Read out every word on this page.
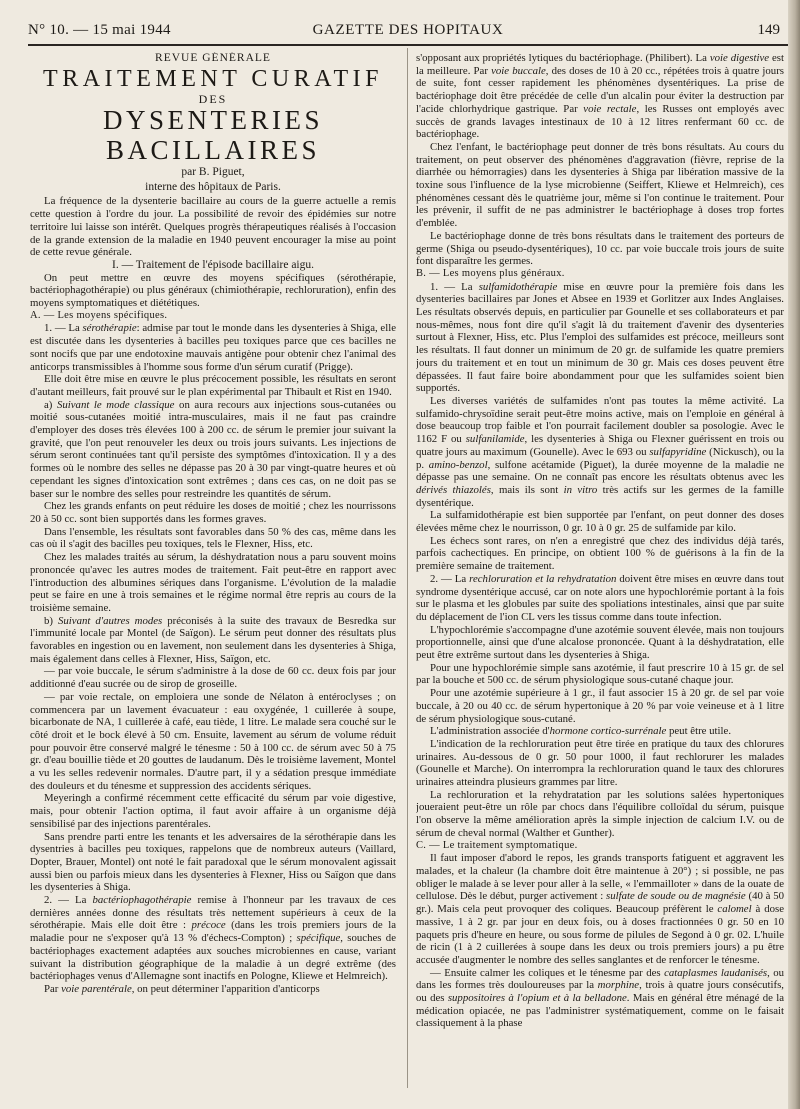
N° 10. — 15 mai 1944	GAZETTE DES HOPITAUX	149

REVUE GÉNÉRALE

TRAITEMENT CURATIF

DES

DYSENTERIES BACILLAIRES

par B. Piguet,

interne des hôpitaux de Paris.

La fréquence de la dysenterie bacillaire au cours de la guerre actuelle a remis cette question à l'ordre du jour. La possibilité de revoir des épidémies sur notre territoire lui laisse son intérêt. Quelques progrès thérapeutiques réalisés à l'occasion de la grande extension de la maladie en 1940 peuvent encourager la mise au point de cette revue générale.

I. — Traitement de l'épisode bacillaire aigu.

On peut mettre en œuvre des moyens spécifiques (sérothérapie, bactériophagothérapie) ou plus généraux (chimiothérapie, rechloruration), enfin des moyens symptomatiques et diététiques.

A. — Les moyens spécifiques.

1. — La sérothérapie: admise par tout le monde dans les dysenteries à Shiga, elle est discutée dans les dysenteries à bacilles peu toxiques parce que ces bacilles ne sont nocifs que par une endotoxine mauvais antigène pour obtenir chez l'animal des anticorps transmissibles à l'homme sous forme d'un sérum curatif (Prigge).

Elle doit être mise en œuvre le plus précocement possible, les résultats en seront d'autant meilleurs, fait prouvé sur le plan expérimental par Thibault et Rist en 1940.

a) Suivant le mode classique on aura recours aux injections sous-cutanées ou moitié sous-cutanées moitié intra-musculaires, mais il ne faut pas craindre d'employer des doses très élevées 100 à 200 cc. de sérum le premier jour suivant la gravité, que l'on peut renouveler les deux ou trois jours suivants. Les injections de sérum seront continuées tant qu'il persiste des symptômes d'intoxication. Il y a des formes où le nombre des selles ne dépasse pas 20 à 30 par vingt-quatre heures et où cependant les signes d'intoxication sont extrêmes ; dans ces cas, on ne doit pas se baser sur le nombre des selles pour restreindre les quantités de sérum.

Chez les grands enfants on peut réduire les doses de moitié ; chez les nourrissons 20 à 50 cc. sont bien supportés dans les formes graves.

Dans l'ensemble, les résultats sont favorables dans 50 % des cas, même dans les cas où il s'agit des bacilles peu toxiques, tels le Flexner, Hiss, etc.

Chez les malades traités au sérum, la déshydratation nous a paru souvent moins prononcée qu'avec les autres modes de traitement. Fait peut-être en rapport avec l'introduction des albumines sériques dans l'organisme. L'évolution de la maladie peut se faire en une à trois semaines et le régime normal être repris au cours de la troisième semaine.

b) Suivant d'autres modes préconisés à la suite des travaux de Besredka sur l'immunité locale par Montel (de Saïgon). Le sérum peut donner des résultats plus favorables en ingestion ou en lavement, non seulement dans les dysenteries à Shiga, mais également dans celles à Flexner, Hiss, Saïgon, etc.

— par voie buccale, le sérum s'administre à la dose de 60 cc. deux fois par jour additionné d'eau sucrée ou de sirop de groseille.

— par voie rectale, on emploiera une sonde de Nélaton à entéroclyses ; on commencera par un lavement évacuateur : eau oxygénée, 1 cuillerée à soupe, bicarbonate de NA, 1 cuillerée à café, eau tiède, 1 litre. Le malade sera couché sur le côté droit et le bock élevé à 50 cm. Ensuite, lavement au sérum de volume réduit pour pouvoir être conservé malgré le ténesme : 50 à 100 cc. de sérum avec 50 à 75 gr. d'eau bouillie tiède et 20 gouttes de laudanum. Dès le troisième lavement, Montel a vu les selles redevenir normales. D'autre part, il y a sédation presque immédiate des douleurs et du ténesme et suppression des accidents sériques.

Meyeringh a confirmé récemment cette efficacité du sérum par voie digestive, mais, pour obtenir l'action optima, il faut avoir affaire à un organisme déjà sensibilisé par des injections parentérales.

Sans prendre parti entre les tenants et les adversaires de la sérothérapie dans les dysentries à bacilles peu toxiques, rappelons que de nombreux auteurs (Vaillard, Dopter, Brauer, Montel) ont noté le fait paradoxal que le sérum monovalent agissait aussi bien ou parfois mieux dans les dysenteries à Flexner, Hiss ou Saïgon que dans les dysenteries à Shiga.

2. — La bactériophagothérapie remise à l'honneur par les travaux de ces dernières années donne des résultats très nettement supérieurs à ceux de la sérothérapie. Mais elle doit être : précoce (dans les trois premiers jours de la maladie pour ne s'exposer qu'à 13 % d'échecs-Compton) ; spécifique, souches de bactériophages exactement adaptées aux souches microbiennes en cause, variant suivant la distribution géographique de la maladie à un degré extrême (des bactériophages venus d'Allemagne sont inactifs en Pologne, Kliewe et Helmreich).

Par voie parentérale, on peut déterminer l'apparition d'anticorps

s'opposant aux propriétés lytiques du bactériophage. (Philibert). La voie digestive est la meilleure. Par voie buccale, des doses de 10 à 20 cc., répétées trois à quatre jours de suite, font cesser rapidement les phénomènes dysentériques. La prise de bactériophage doit être précédée de celle d'un alcalin pour éviter la destruction par l'acide chlorhydrique gastrique. Par voie rectale, les Russes ont employés avec succès de grands lavages intestinaux de 10 à 12 litres renfermant 60 cc. de bactériophage.

Chez l'enfant, le bactériophage peut donner de très bons résultats. Au cours du traitement, on peut observer des phénomènes d'aggravation (fièvre, reprise de la diarrhée ou hémorragies) dans les dysenteries à Shiga par libération massive de la toxine sous l'influence de la lyse microbienne (Seiffert, Kliewe et Helmreich), ces phénomènes cessant dès le quatrième jour, même si l'on continue le traitement. Pour les prévenir, il suffit de ne pas administrer le bactériophage à doses trop fortes d'emblée.

Le bactériophage donne de très bons résultats dans le traitement des porteurs de germe (Shiga ou pseudo-dysentériques), 10 cc. par voie buccale trois jours de suite font disparaître les germes.

B. — Les moyens plus généraux.

1. — La sulfamidothérapie mise en œuvre pour la première fois dans les dysenteries bacillaires par Jones et Absee en 1939 et Gorlitzer aux Indes Anglaises. Les résultats observés depuis, en particulier par Gounelle et ses collaborateurs et par nous-mêmes, nous font dire qu'il s'agit là du traitement d'avenir des dysenteries surtout à Flexner, Hiss, etc. Plus l'emploi des sulfamides est précoce, meilleurs sont les résultats. Il faut donner un minimum de 20 gr. de sulfamide les quatre premiers jours du traitement et en tout un minimum de 30 gr. Mais ces doses peuvent être dépassées. Il faut faire boire abondamment pour que les sulfamides soient bien supportés.

Les diverses variétés de sulfamides n'ont pas toutes la même activité. La sulfamido-chrysoïdine serait peut-être moins active, mais on l'emploie en général à dose beaucoup trop faible et l'on pourrait facilement doubler sa posologie. Avec le 1162 F ou sulfanilamide, les dysenteries à Shiga ou Flexner guérissent en trois ou quatre jours au maximum (Gounelle). Avec le 693 ou sulfapyridine (Nickusch), ou la p. amino-benzol, sulfone acétamide (Piguet), la durée moyenne de la maladie ne dépasse pas une semaine. On ne connaît pas encore les résultats obtenus avec les dérivés thiazolés, mais ils sont in vitro très actifs sur les germes de la famille dysentérique.

La sulfamidothérapie est bien supportée par l'enfant, on peut donner des doses élevées même chez le nourrisson, 0 gr. 10 à 0 gr. 25 de sulfamide par kilo.

Les échecs sont rares, on n'en a enregistré que chez des individus déjà tarés, parfois cachectiques. En principe, on obtient 100 % de guérisons à la fin de la première semaine de traitement.

2. — La rechloruration et la rehydratation doivent être mises en œuvre dans tout syndrome dysentérique accusé, car on note alors une hypochlorémie portant à la fois sur le plasma et les globules par suite des spoliations intestinales, ainsi que par suite du déplacement de l'ion CL vers les tissus comme dans toute infection.

L'hypochlorémie s'accompagne d'une azotémie souvent élevée, mais non toujours proportionnelle, ainsi que d'une alcalose prononcée. Quant à la déshydratation, elle peut être extrême surtout dans les dysenteries à Shiga.

Pour une hypochlorémie simple sans azotémie, il faut prescrire 10 à 15 gr. de sel par la bouche et 500 cc. de sérum physiologique sous-cutané chaque jour.

Pour une azotémie supérieure à 1 gr., il faut associer 15 à 20 gr. de sel par voie buccale, à 20 ou 40 cc. de sérum hypertonique à 20 % par voie veineuse et à 1 litre de sérum physiologique sous-cutané.

L'administration associée d'hormone cortico-surrénale peut être utile.

L'indication de la rechloruration peut être tirée en pratique du taux des chlorures urinaires. Au-dessous de 0 gr. 50 pour 1000, il faut rechlorurer les malades (Gounelle et Marche). On interrompra la rechloruration quand le taux des chlorures urinaires atteindra plusieurs grammes par litre.

La rechloruration et la rehydratation par les solutions salées hypertoniques joueraient peut-être un rôle par chocs dans l'équilibre colloïdal du sérum, puisque l'on observe la même amélioration après la simple injection de calcium I.V. ou de sérum de cheval normal (Walther et Gunther).

C. — Le traitement symptomatique.

Il faut imposer d'abord le repos, les grands transports fatiguent et aggravent les malades, et la chaleur (la chambre doit être maintenue à 20°) ; si possible, ne pas obliger le malade à se lever pour aller à la selle, « l'emmailloter » dans de la ouate de cellulose. Dès le début, purger activement : sulfate de soude ou de magnésie (40 à 50 gr.). Mais cela peut provoquer des coliques. Beaucoup préfèrent le calomel à dose massive, 1 à 2 gr. par jour en deux fois, ou à doses fractionnées 0 gr. 50 en 10 paquets pris d'heure en heure, ou sous forme de pilules de Segond à 0 gr. 02. L'huile de ricin (1 à 2 cuillerées à soupe dans les deux ou trois premiers jours) a pu être accusée d'augmenter le nombre des selles sanglantes et de renforcer le ténesme.

— Ensuite calmer les coliques et le ténesme par des cataplasmes laudanisés, ou dans les formes très douloureuses par la morphine, trois à quatre jours consécutifs, ou des suppositoires à l'opium et à la belladone. Mais en général être ménagé de la médication opiacée, ne pas l'administrer systématiquement, comme on le faisait classiquement à la phase
